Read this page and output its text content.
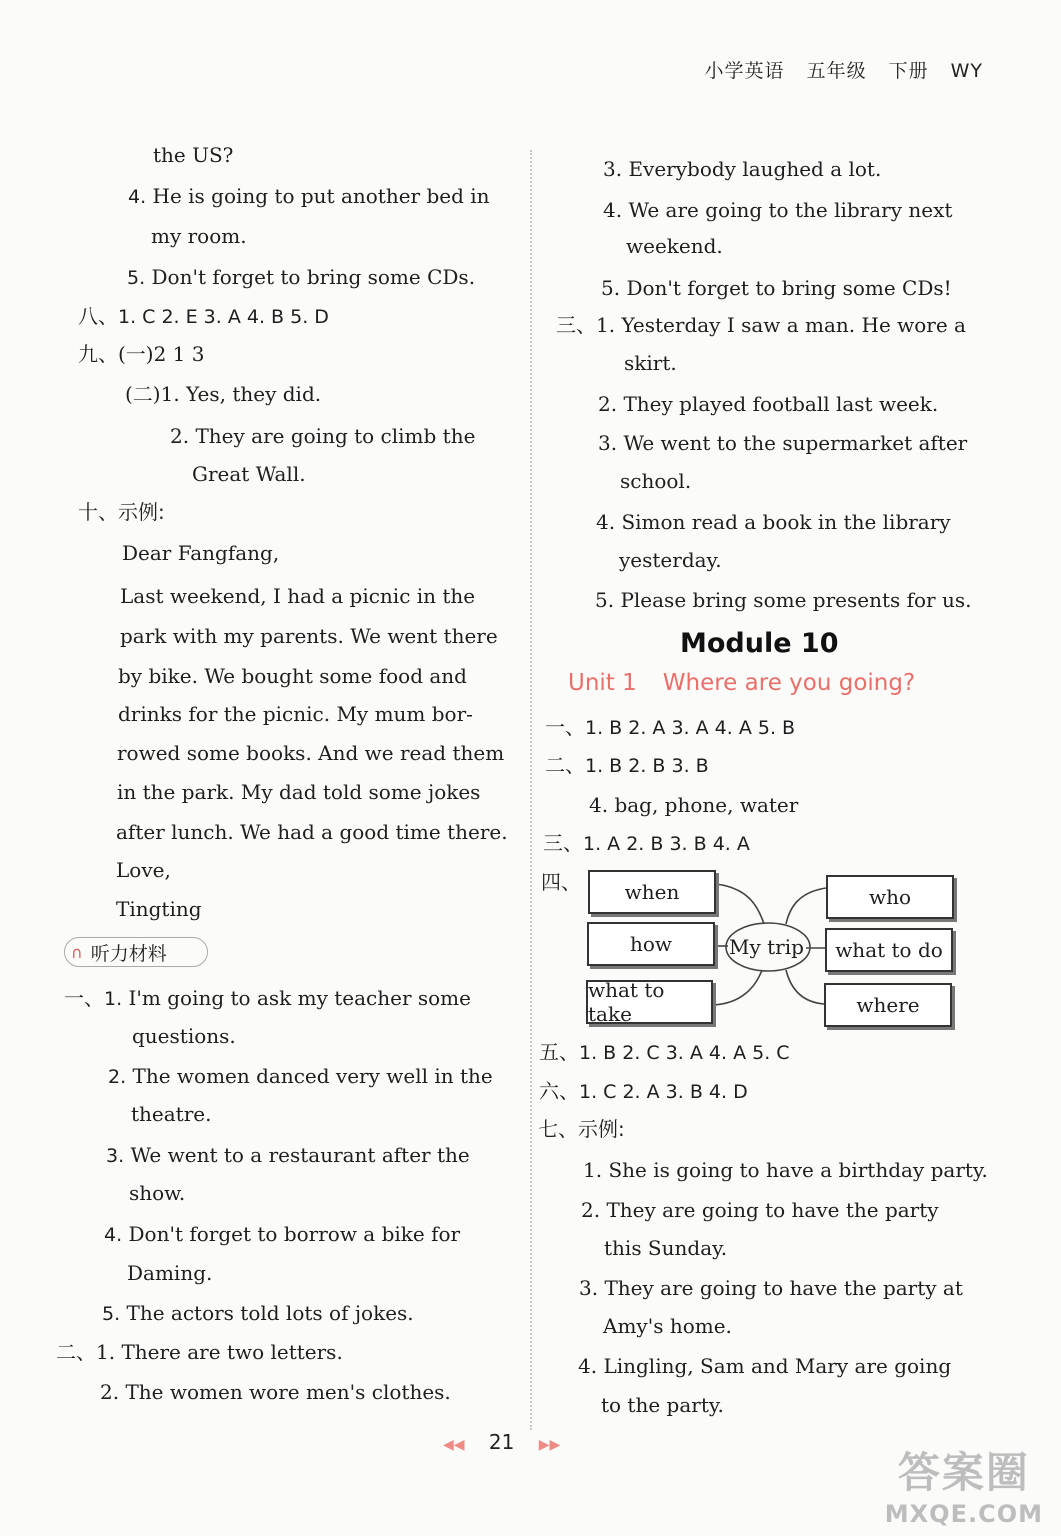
小学英语 五年级 下册 WY
the US?
4. He is going to put another bed in
my room.
5. Don't forget to bring some CDs.
八、1. C 2. E 3. A 4. B 5. D
九、(一)2 1 3
(二)1. Yes, they did.
2. They are going to climb the
Great Wall.
十、示例:
Dear Fangfang,
Last weekend, I had a picnic in the
park with my parents. We went there
by bike. We bought some food and
drinks for the picnic. My mum bor-
rowed some books. And we read them
in the park. My dad told some jokes
after lunch. We had a good time there.
Love,
Tingting
∩ 听力材料
一、1. I'm going to ask my teacher some
questions.
2. The women danced very well in the
theatre.
3. We went to a restaurant after the
show.
4. Don't forget to borrow a bike for
Daming.
5. The actors told lots of jokes.
二、1. There are two letters.
2. The women wore men's clothes.
3. Everybody laughed a lot.
4. We are going to the library next
weekend.
5. Don't forget to bring some CDs!
三、1. Yesterday I saw a man. He wore a
skirt.
2. They played football last week.
3. We went to the supermarket after
school.
4. Simon read a book in the library
yesterday.
5. Please bring some presents for us.
Module 10
Unit 1 Where are you going?
一、1. B 2. A 3. A 4. A 5. B
二、1. B 2. B 3. B
4. bag, phone, water
三、1. A 2. B 3. B 4. A
四、	when
how
what to take
My trip
who
what to do
where
五、1. B 2. C 3. A 4. A 5. C
六、1. C 2. A 3. B 4. D
七、示例:
1. She is going to have a birthday party.
2. They are going to have the party
this Sunday.
3. They are going to have the party at
Amy's home.
4. Lingling, Sam and Mary are going
to the party.
◀◀ 21 ▶▶
答案圈
MXQE.COM
